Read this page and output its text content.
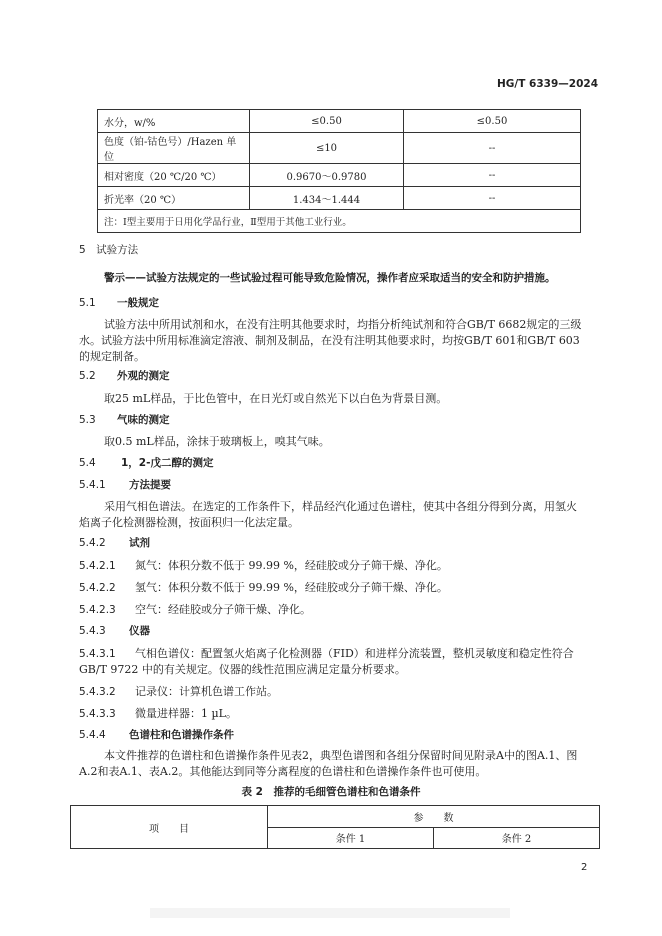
HG/T 6339—2024
水分，w/%	≤0.50	≤0.50
色度（铂-钴色号）/Hazen 单位	≤10	--
相对密度（20 ℃/20 ℃）	0.9670～0.9780	--
折光率（20 ℃）	1.434～1.444	--
注：Ⅰ型主要用于日用化学品行业，Ⅱ型用于其他工业行业。		
5　试验方法
警示——试验方法规定的一些试验过程可能导致危险情况，操作者应采取适当的安全和防护措施。
5.1 一般规定
试验方法中所用试剂和水，在没有注明其他要求时，均指分析纯试剂和符合GB/T 6682规定的三级
水。试验方法中所用标准滴定溶液、制剂及制品，在没有注明其他要求时，均按GB/T 601和GB/T 603
的规定制备。
5.2 外观的测定
取25 mL样品，于比色管中，在日光灯或自然光下以白色为背景目测。
5.3 气味的测定
取0.5 mL样品，涂抹于玻璃板上，嗅其气味。
5.4 1，2-戊二醇的测定
5.4.1 方法提要
采用气相色谱法。在选定的工作条件下，样品经汽化通过色谱柱，使其中各组分得到分离，用氢火
焰离子化检测器检测，按面积归一化法定量。
5.4.2 试剂
5.4.2.1 氮气：体积分数不低于 99.99 %，经硅胶或分子筛干燥、净化。
5.4.2.2 氢气：体积分数不低于 99.99 %，经硅胶或分子筛干燥、净化。
5.4.2.3 空气：经硅胶或分子筛干燥、净化。
5.4.3 仪器
5.4.3.1 气相色谱仪：配置氢火焰离子化检测器（FID）和进样分流装置，整机灵敏度和稳定性符合
GB/T 9722 中的有关规定。仪器的线性范围应满足定量分析要求。
5.4.3.2 记录仪：计算机色谱工作站。
5.4.3.3 微量进样器：1 µL。
5.4.4 色谱柱和色谱操作条件
本文件推荐的色谱柱和色谱操作条件见表2，典型色谱图和各组分保留时间见附录A中的图A.1、图
A.2和表A.1、表A.2。其他能达到同等分离程度的色谱柱和色谱操作条件也可使用。
表 2　推荐的毛细管色谱柱和色谱条件
项　　目	参　　数	
	条件 1	条件 2
2
